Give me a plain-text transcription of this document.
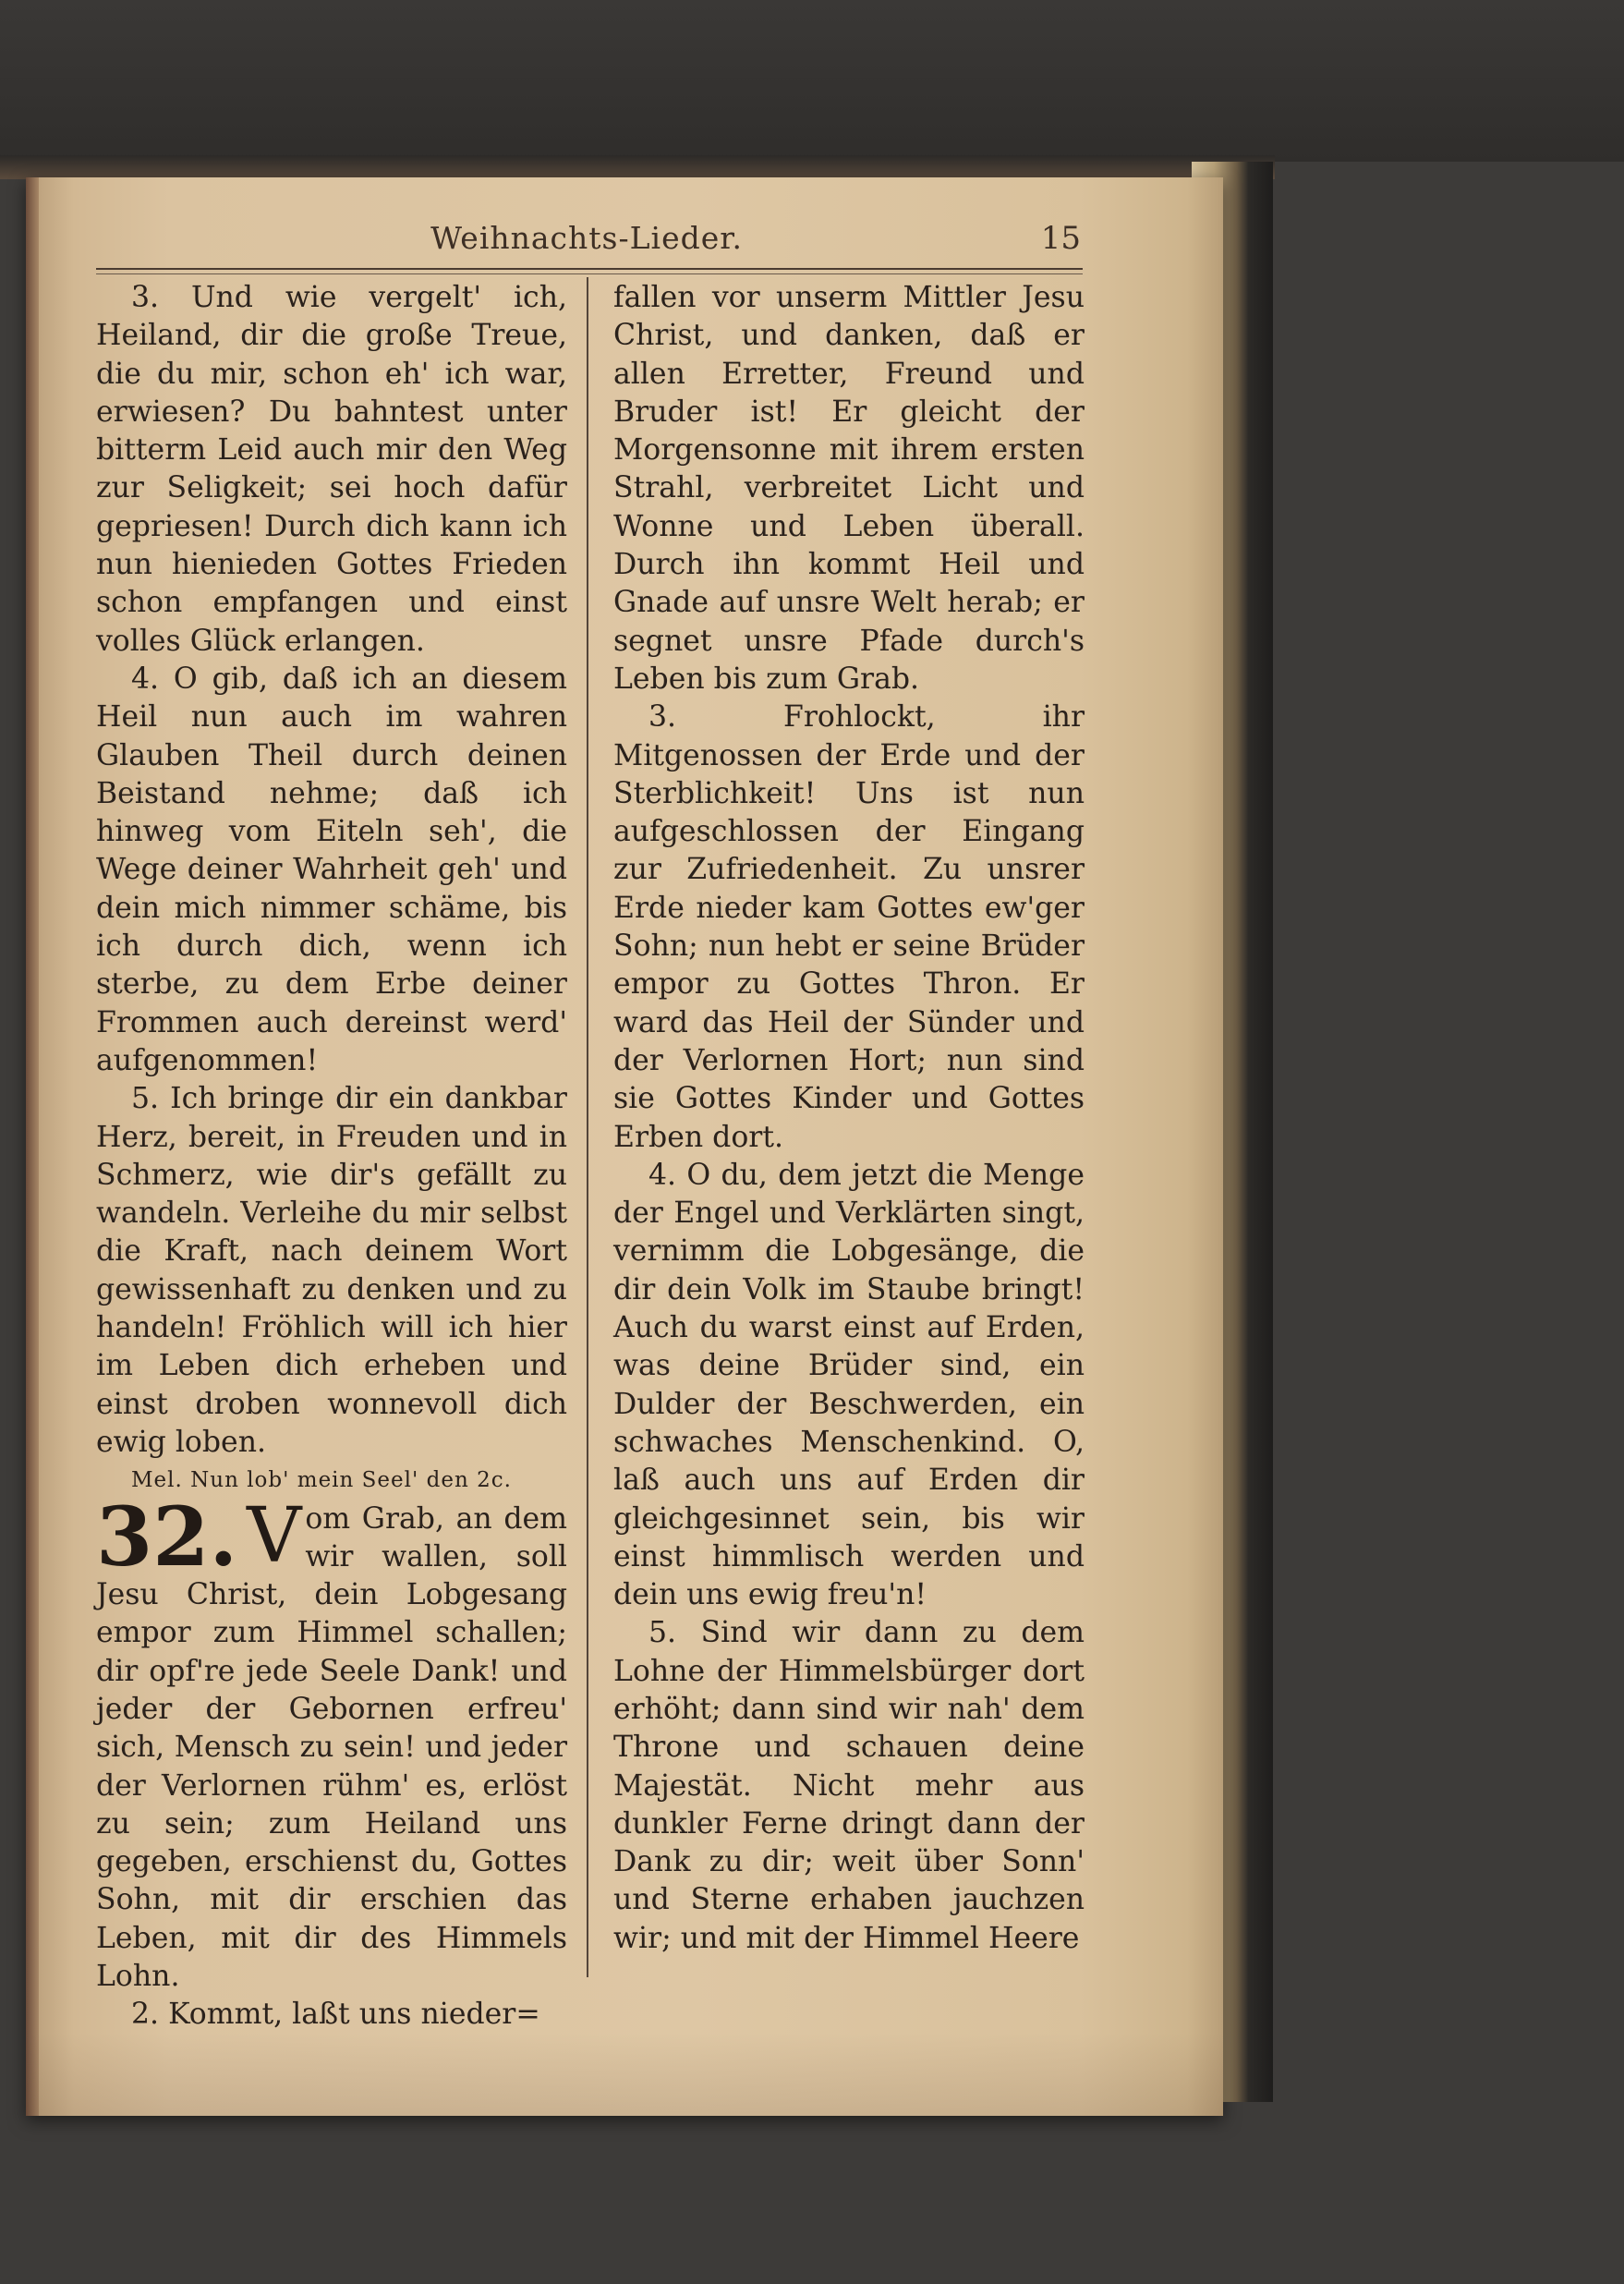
Weihnachts-Lieder.	15

3. Und wie vergelt' ich, Heiland, dir die große Treue, die du mir, schon eh' ich war, erwiesen? Du bahntest unter bitterm Leid auch mir den Weg zur Seligkeit; sei hoch dafür gepriesen! Durch dich kann ich nun hienieden Gottes Frieden schon empfangen und einst volles Glück erlangen.

4. O gib, daß ich an diesem Heil nun auch im wahren Glauben Theil durch deinen Beistand nehme; daß ich hinweg vom Eiteln seh', die Wege deiner Wahrheit geh' und dein mich nimmer schäme, bis ich durch dich, wenn ich sterbe, zu dem Erbe deiner Frommen auch dereinst werd' aufgenommen!

5. Ich bringe dir ein dankbar Herz, bereit, in Freuden und in Schmerz, wie dir's gefällt zu wandeln. Verleihe du mir selbst die Kraft, nach deinem Wort gewissenhaft zu denken und zu handeln! Fröhlich will ich hier im Leben dich erheben und einst droben wonnevoll dich ewig loben.

Mel. Nun lob' mein Seel' den 2c.

32. V om Grab, an dem wir wallen, soll Jesu Christ, dein Lobgesang empor zum Himmel schallen; dir opf're jede Seele Dank! und jeder der Gebornen erfreu' sich, Mensch zu sein! und jeder der Verlornen rühm' es, erlöst zu sein; zum Heiland uns gegeben, erschienst du, Gottes Sohn, mit dir erschien das Leben, mit dir des Himmels Lohn.

2. Kommt, laßt uns nieder=

fallen vor unserm Mittler Jesu Christ, und danken, daß er allen Erretter, Freund und Bruder ist! Er gleicht der Morgensonne mit ihrem ersten Strahl, verbreitet Licht und Wonne und Leben überall. Durch ihn kommt Heil und Gnade auf unsre Welt herab; er segnet unsre Pfade durch's Leben bis zum Grab.

3. Frohlockt, ihr Mitgenossen der Erde und der Sterblichkeit! Uns ist nun aufgeschlossen der Eingang zur Zufriedenheit. Zu unsrer Erde nieder kam Gottes ew'ger Sohn; nun hebt er seine Brüder empor zu Gottes Thron. Er ward das Heil der Sünder und der Verlornen Hort; nun sind sie Gottes Kinder und Gottes Erben dort.

4. O du, dem jetzt die Menge der Engel und Verklärten singt, vernimm die Lobgesänge, die dir dein Volk im Staube bringt! Auch du warst einst auf Erden, was deine Brüder sind, ein Dulder der Beschwerden, ein schwaches Menschenkind. O, laß auch uns auf Erden dir gleichgesinnet sein, bis wir einst himmlisch werden und dein uns ewig freu'n!

5. Sind wir dann zu dem Lohne der Himmelsbürger dort erhöht; dann sind wir nah' dem Throne und schauen deine Majestät. Nicht mehr aus dunkler Ferne dringt dann der Dank zu dir; weit über Sonn' und Sterne erhaben jauchzen wir; und mit der Himmel Heere
